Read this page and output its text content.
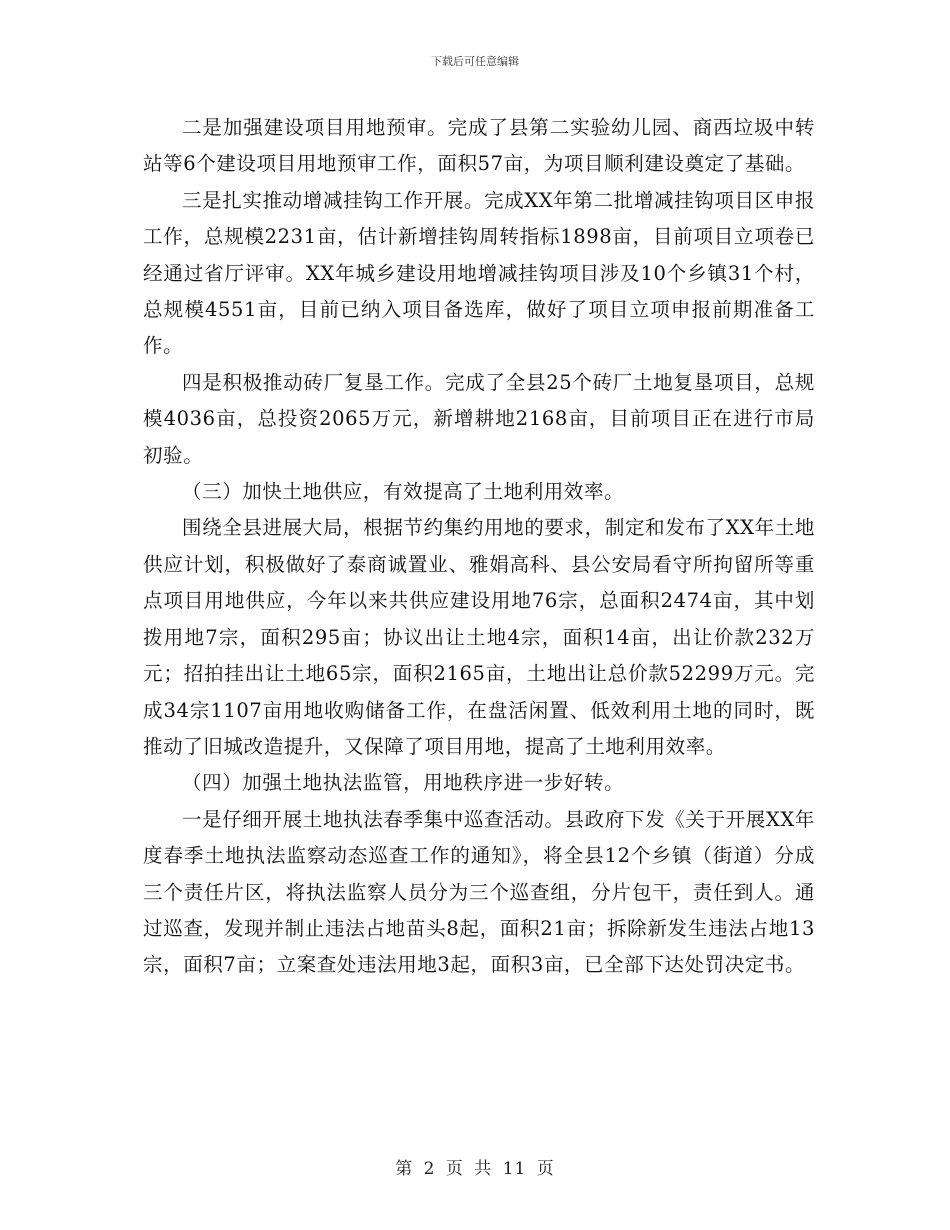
下载后可任意编辑

二是加强建设项目用地预审。完成了县第二实验幼儿园、商西垃圾中转站等6个建设项目用地预审工作，面积57亩，为项目顺利建设奠定了基础。

三是扎实推动增减挂钩工作开展。完成XX年第二批增减挂钩项目区申报工作，总规模2231亩，估计新增挂钩周转指标1898亩，目前项目立项卷已经通过省厅评审。XX年城乡建设用地增减挂钩项目涉及10个乡镇31个村，总规模4551亩，目前已纳入项目备选库，做好了项目立项申报前期准备工作。

四是积极推动砖厂复垦工作。完成了全县25个砖厂土地复垦项目，总规模4036亩，总投资2065万元，新增耕地2168亩，目前项目正在进行市局初验。

（三）加快土地供应，有效提高了土地利用效率。

围绕全县进展大局，根据节约集约用地的要求，制定和发布了XX年土地供应计划，积极做好了泰商诚置业、雅娟高科、县公安局看守所拘留所等重点项目用地供应，今年以来共供应建设用地76宗，总面积2474亩，其中划拨用地7宗，面积295亩；协议出让土地4宗，面积14亩，出让价款232万元；招拍挂出让土地65宗，面积2165亩，土地出让总价款52299万元。完成34宗1107亩用地收购储备工作，在盘活闲置、低效利用土地的同时，既推动了旧城改造提升，又保障了项目用地，提高了土地利用效率。

（四）加强土地执法监管，用地秩序进一步好转。

一是仔细开展土地执法春季集中巡查活动。县政府下发《关于开展XX年度春季土地执法监察动态巡查工作的通知》，将全县12个乡镇（街道）分成三个责任片区，将执法监察人员分为三个巡查组，分片包干，责任到人。通过巡查，发现并制止违法占地苗头8起，面积21亩；拆除新发生违法占地13宗，面积7亩；立案查处违法用地3起，面积3亩，已全部下达处罚决定书。

第 2 页 共 11 页
